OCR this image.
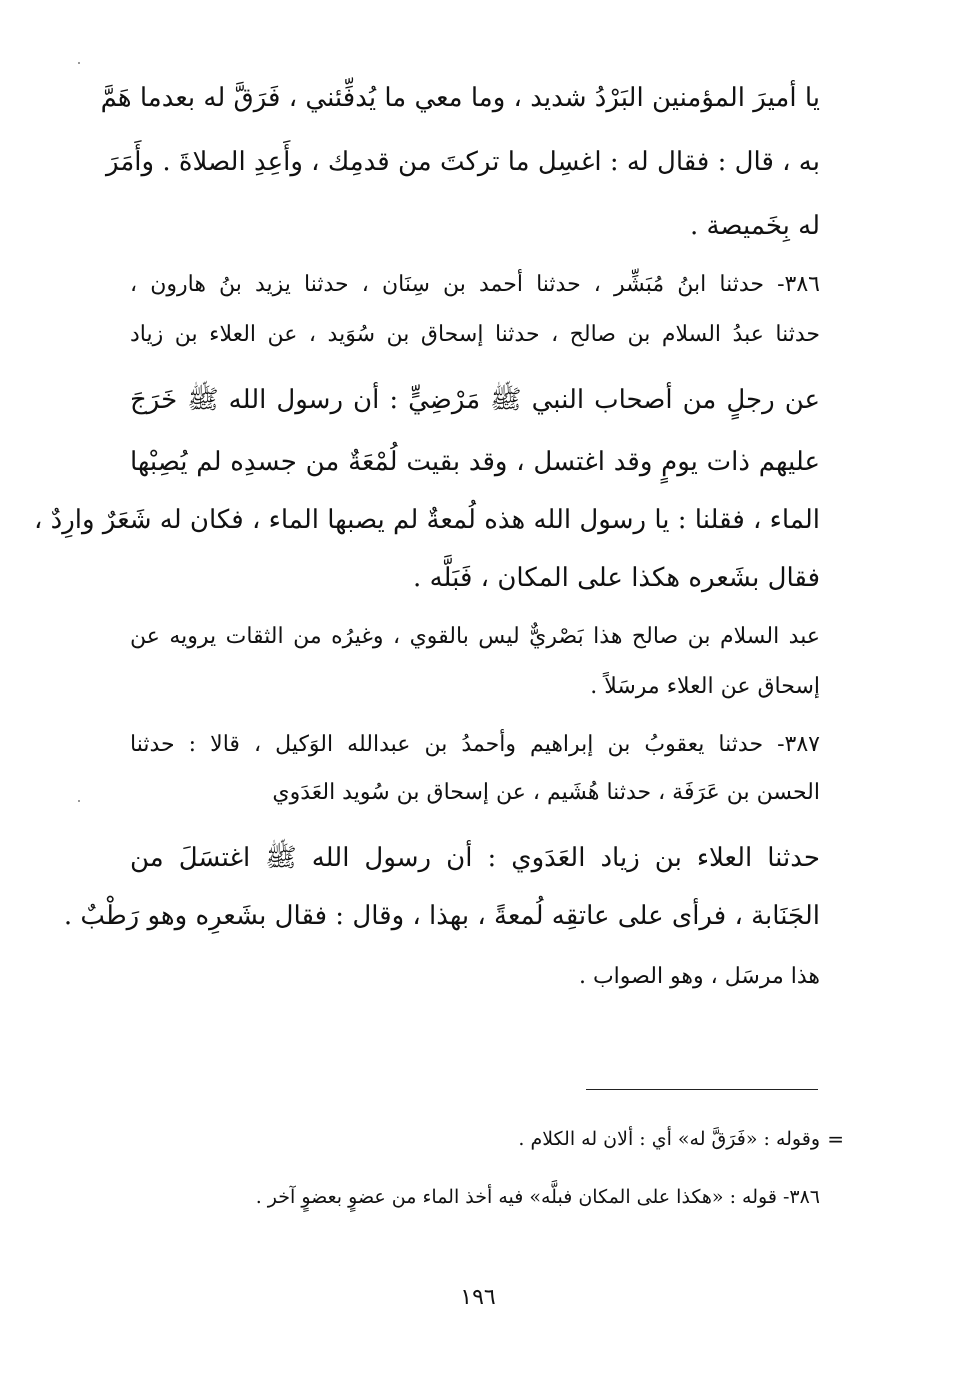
يا أميرَ المؤمنين البَرْدُ شديد ، وما معي ما يُدفِّئني ، فَرَقَّ له بعدما هَمَّ
به ، قال : فقال له : اغسِل ما تركتَ من قدمِك ، وأَعِدِ الصلاةَ . وأَمَرَ
له بِخَميصة .
٣٨٦- حدثنا ابنُ مُبَشِّر ، حدثنا أحمد بن سِنَان ، حدثنا يزيد بنُ هارون ،
حدثنا عبدُ السلام بن صالح ، حدثنا إسحاق بن سُوَيد ، عن العلاء بن زياد
عن رجلٍ من أصحاب النبي ﷺ مَرْضِيٍّ : أن رسول الله ﷺ خَرَجَ
عليهم ذات يومٍ وقد اغتسل ، وقد بقيت لُمْعَةٌ من جسدِه لم يُصِبْها
الماء ، فقلنا : يا رسول الله هذه لُمعةٌ لم يصبها الماء ، فكان له شَعَرٌ وارِدٌ ،
فقال بشَعره هكذا على المكان ، فَبَلَّه .
عبد السلام بن صالح هذا بَصْريٌّ ليس بالقوي ، وغيرُه من الثقات يرويه عن
إسحاق عن العلاء مرسَلاً .
٣٨٧- حدثنا يعقوبُ بن إبراهيم وأحمدُ بن عبدالله الوَكيل ، قالا : حدثنا
الحسن بن عَرَفَة ، حدثنا هُشَيم ، عن إسحاق بن سُويد العَدَوي
حدثنا العلاء بن زياد العَدَوي : أن رسول الله ﷺ اغتسَلَ من
الجَنَابة ، فرأى على عاتقِه لُمعةً ، بهذا ، وقال : فقال بشَعرِه وهو رَطْبٌ .
هذا مرسَل ، وهو الصواب .
=
وقوله : «فَرَقَّ له» أي : ألان له الكلام .
٣٨٦- قوله : «هكذا على المكان فبلَّه» فيه أخذ الماء من عضوٍ بعضوٍ آخر .
١٩٦
